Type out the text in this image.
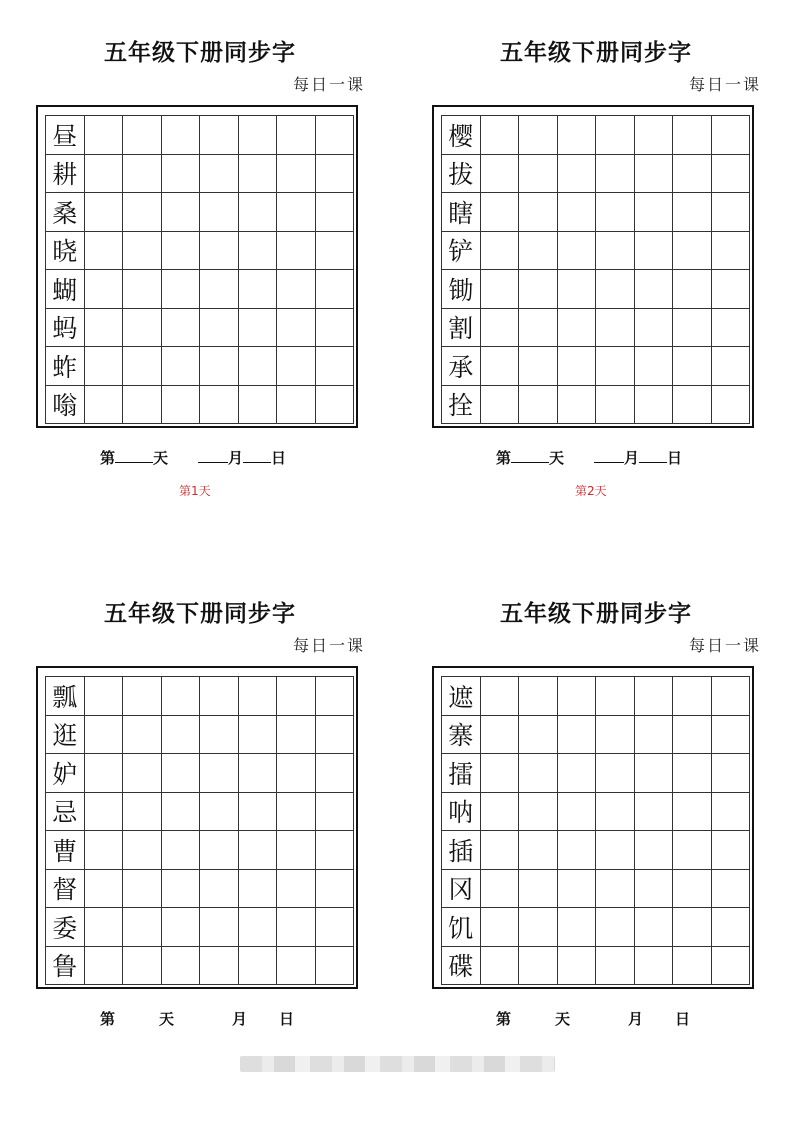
五年级下册同步字
每日一课
昼
耕
桑
晓
蝴
蚂
蚱
嗡
第	天	月 日
第1天
五年级下册同步字
每日一课
樱
拔
瞎
铲
锄
割
承
拴
第	天	月 日
第2天
五年级下册同步字
每日一课
瓢
逛
妒
忌
曹
督
委
鲁
第	天	月 日
五年级下册同步字
每日一课
遮
寨
擂
呐
插
冈
饥
碟
第	天	月 日
